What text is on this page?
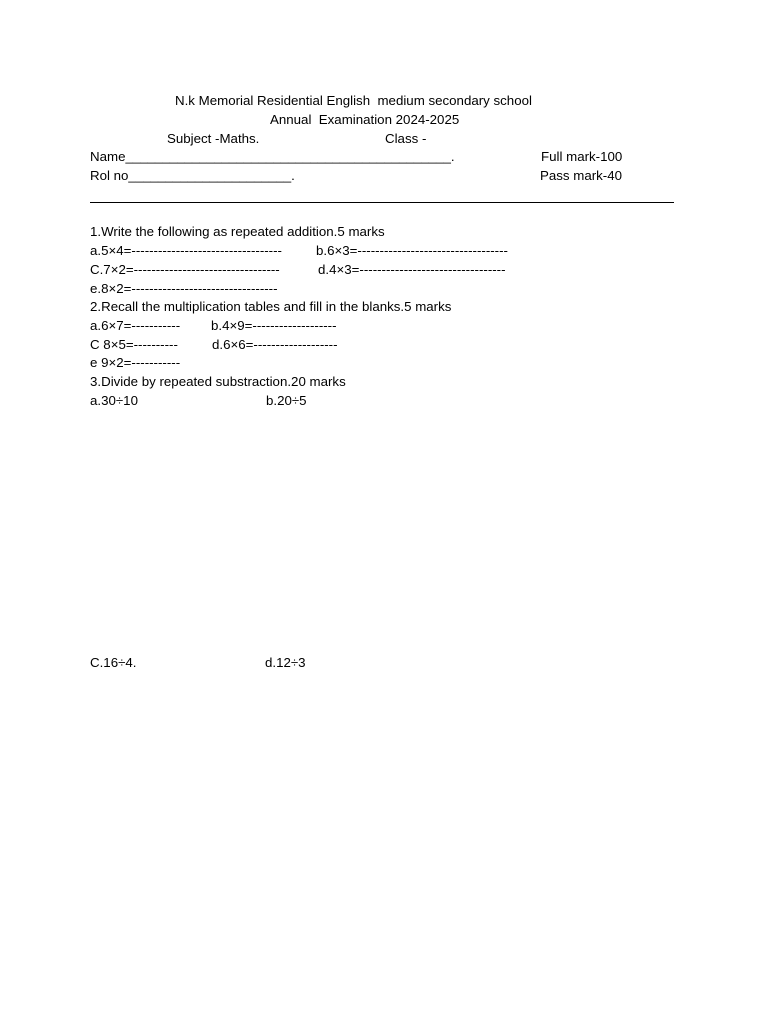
N.k Memorial Residential English  medium secondary school
Annual  Examination 2024-2025
Subject -Maths.	Class -
Name____________________________________________.	Full mark-100
Rol no______________________.	Pass mark-40
1.Write the following as repeated addition.5 marks
a.5×4=----------------------------------	b.6×3=----------------------------------
C.7×2=---------------------------------	d.4×3=---------------------------------
e.8×2=---------------------------------
2.Recall the multiplication tables and fill in the blanks.5 marks
a.6×7=----------- b.4×9=-------------------
C 8×5=----------	d.6×6=-------------------
e 9×2=-----------
3.Divide by repeated substraction.20 marks
a.30÷10	b.20÷5
C.16÷4.	d.12÷3
